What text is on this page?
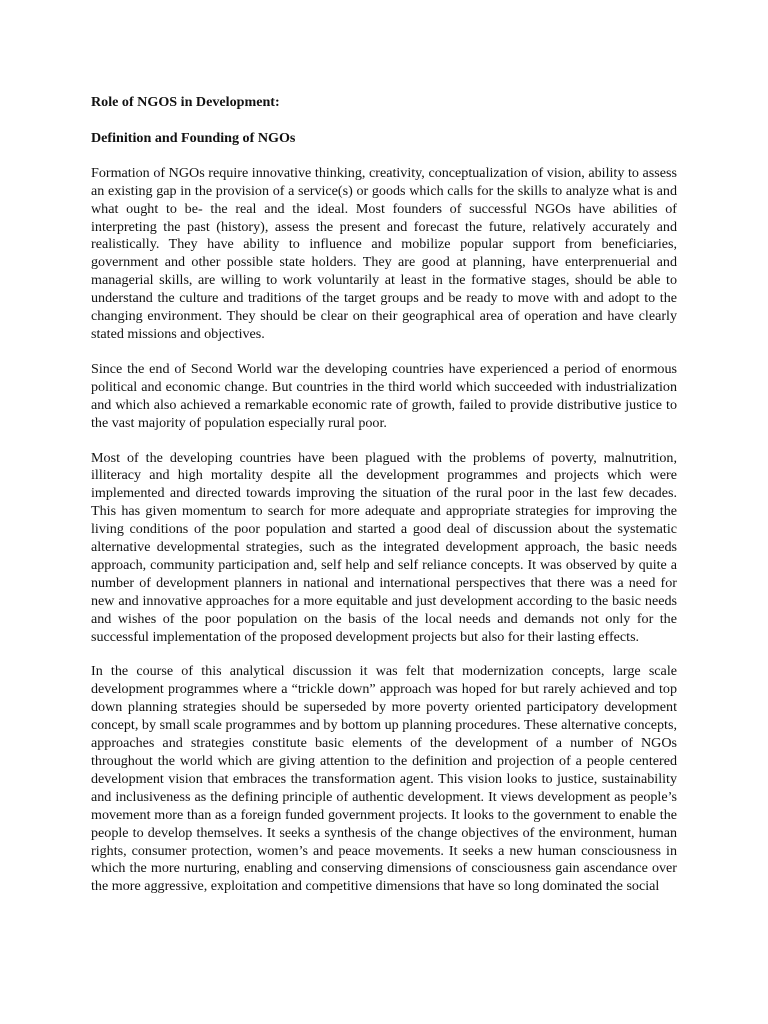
Role of NGOS in Development:

Definition and Founding of NGOs

Formation of NGOs require innovative thinking, creativity, conceptualization of vision, ability to assess an existing gap in the provision of a service(s) or goods which calls for the skills to analyze what is and what ought to be- the real and the ideal. Most founders of successful NGOs have abilities of interpreting the past (history), assess the present and forecast the future, relatively accurately and realistically. They have ability to influence and mobilize popular support from beneficiaries, government and other possible state holders. They are good at planning, have enterprenuerial and managerial skills, are willing to work voluntarily at least in the formative stages, should be able to understand the culture and traditions of the target groups and be ready to move with and adopt to the changing environment. They should be clear on their geographical area of operation and have clearly stated missions and objectives.

Since the end of Second World war the developing countries have experienced a period of enormous political and economic change. But countries in the third world which succeeded with industrialization and which also achieved a remarkable economic rate of growth, failed to provide distributive justice to the vast majority of population especially rural poor.

Most of the developing countries have been plagued with the problems of poverty, malnutrition, illiteracy and high mortality despite all the development programmes and projects which were implemented and directed towards improving the situation of the rural poor in the last few decades. This has given momentum to search for more adequate and appropriate strategies for improving the living conditions of the poor population and started a good deal of discussion about the systematic alternative developmental strategies, such as the integrated development approach, the basic needs approach, community participation and, self help and self reliance concepts. It was observed by quite a number of development planners in national and international perspectives that there was a need for new and innovative approaches for a more equitable and just development according to the basic needs and wishes of the poor population on the basis of the local needs and demands not only for the successful implementation of the proposed development projects but also for their lasting effects.

In the course of this analytical discussion it was felt that modernization concepts, large scale development programmes where a “trickle down” approach was hoped for but rarely achieved and top down planning strategies should be superseded by more poverty oriented participatory development concept, by small scale programmes and by bottom up planning procedures. These alternative concepts, approaches and strategies constitute basic elements of the development of a number of NGOs throughout the world which are giving attention to the definition and projection of a people centered development vision that embraces the transformation agent. This vision looks to justice, sustainability and inclusiveness as the defining principle of authentic development. It views development as people’s movement more than as a foreign funded government projects. It looks to the government to enable the people to develop themselves. It seeks a synthesis of the change objectives of the environment, human rights, consumer protection, women’s and peace movements. It seeks a new human consciousness in which the more nurturing, enabling and conserving dimensions of consciousness gain ascendance over the more aggressive, exploitation and competitive dimensions that have so long dominated the social
